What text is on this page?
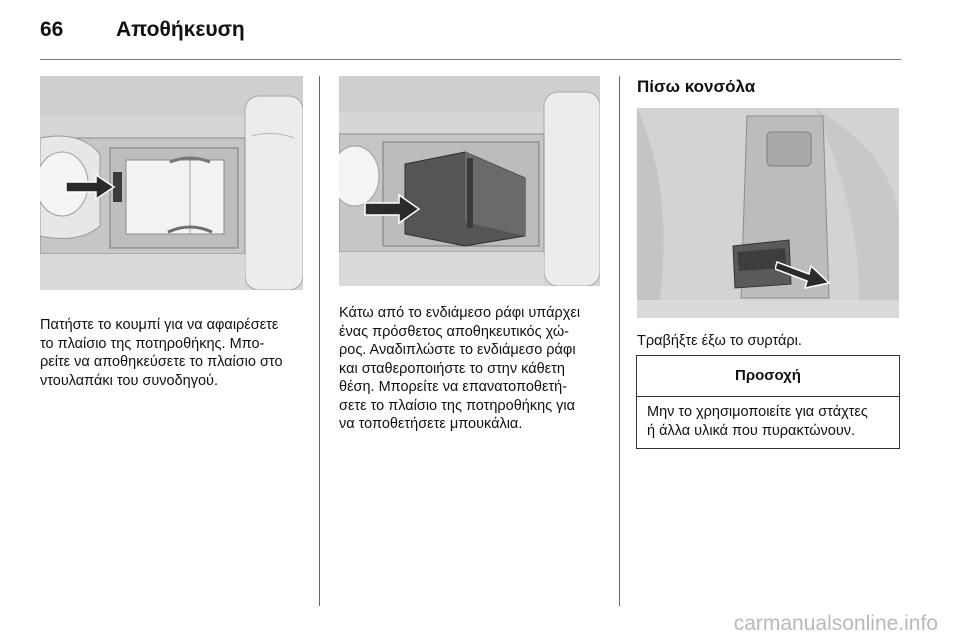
66	Αποθήκευση
Πατήστε το κουμπί για να αφαιρέσετε
το πλαίσιο της ποτηροθήκης. Μπο-
ρείτε να αποθηκεύσετε το πλαίσιο στο
ντουλαπάκι του συνοδηγού.
Κάτω από το ενδιάμεσο ράφι υπάρχει
ένας πρόσθετος αποθηκευτικός χώ-
ρος. Αναδιπλώστε το ενδιάμεσο ράφι
και σταθεροποιήστε το στην κάθετη
θέση. Μπορείτε να επανατοποθετή-
σετε το πλαίσιο της ποτηροθήκης για
να τοποθετήσετε μπουκάλια.
Πίσω κονσόλα
Τραβήξτε έξω το συρτάρι.
Προσοχή
Μην το χρησιμοποιείτε για στάχτες
ή άλλα υλικά που πυρακτώνουν.
carmanualsonline.info
